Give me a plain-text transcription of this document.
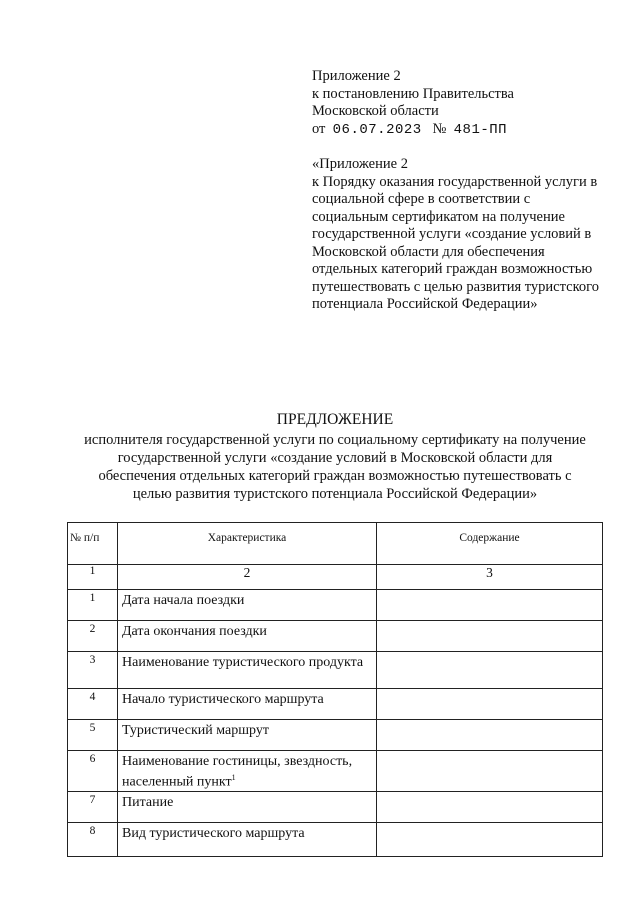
Приложение 2
к постановлению Правительства
Московской области
от 06.07.2023 № 481-ПП
«Приложение 2
к Порядку оказания государственной услуги в
социальной сфере в соответствии с
социальным сертификатом на получение
государственной услуги «создание условий в
Московской области для обеспечения
отдельных категорий граждан возможностью
путешествовать с целью развития туристского
потенциала Российской Федерации»
ПРЕДЛОЖЕНИЕ
исполнителя государственной услуги по социальному сертификату на получение
государственной услуги «создание условий в Московской области для
обеспечения отдельных категорий граждан возможностью путешествовать с
целью развития туристского потенциала Российской Федерации»
№ п/п	Характеристика	Содержание
1	2	3
1	Дата начала поездки	
2	Дата окончания поездки	
3	Наименование туристического продукта	
4	Начало туристического маршрута	
5	Туристический маршрут	
6	Наименование гостиницы, звездность, населенный пункт$^1$	
7	Питание	
8	Вид туристического маршрута	
